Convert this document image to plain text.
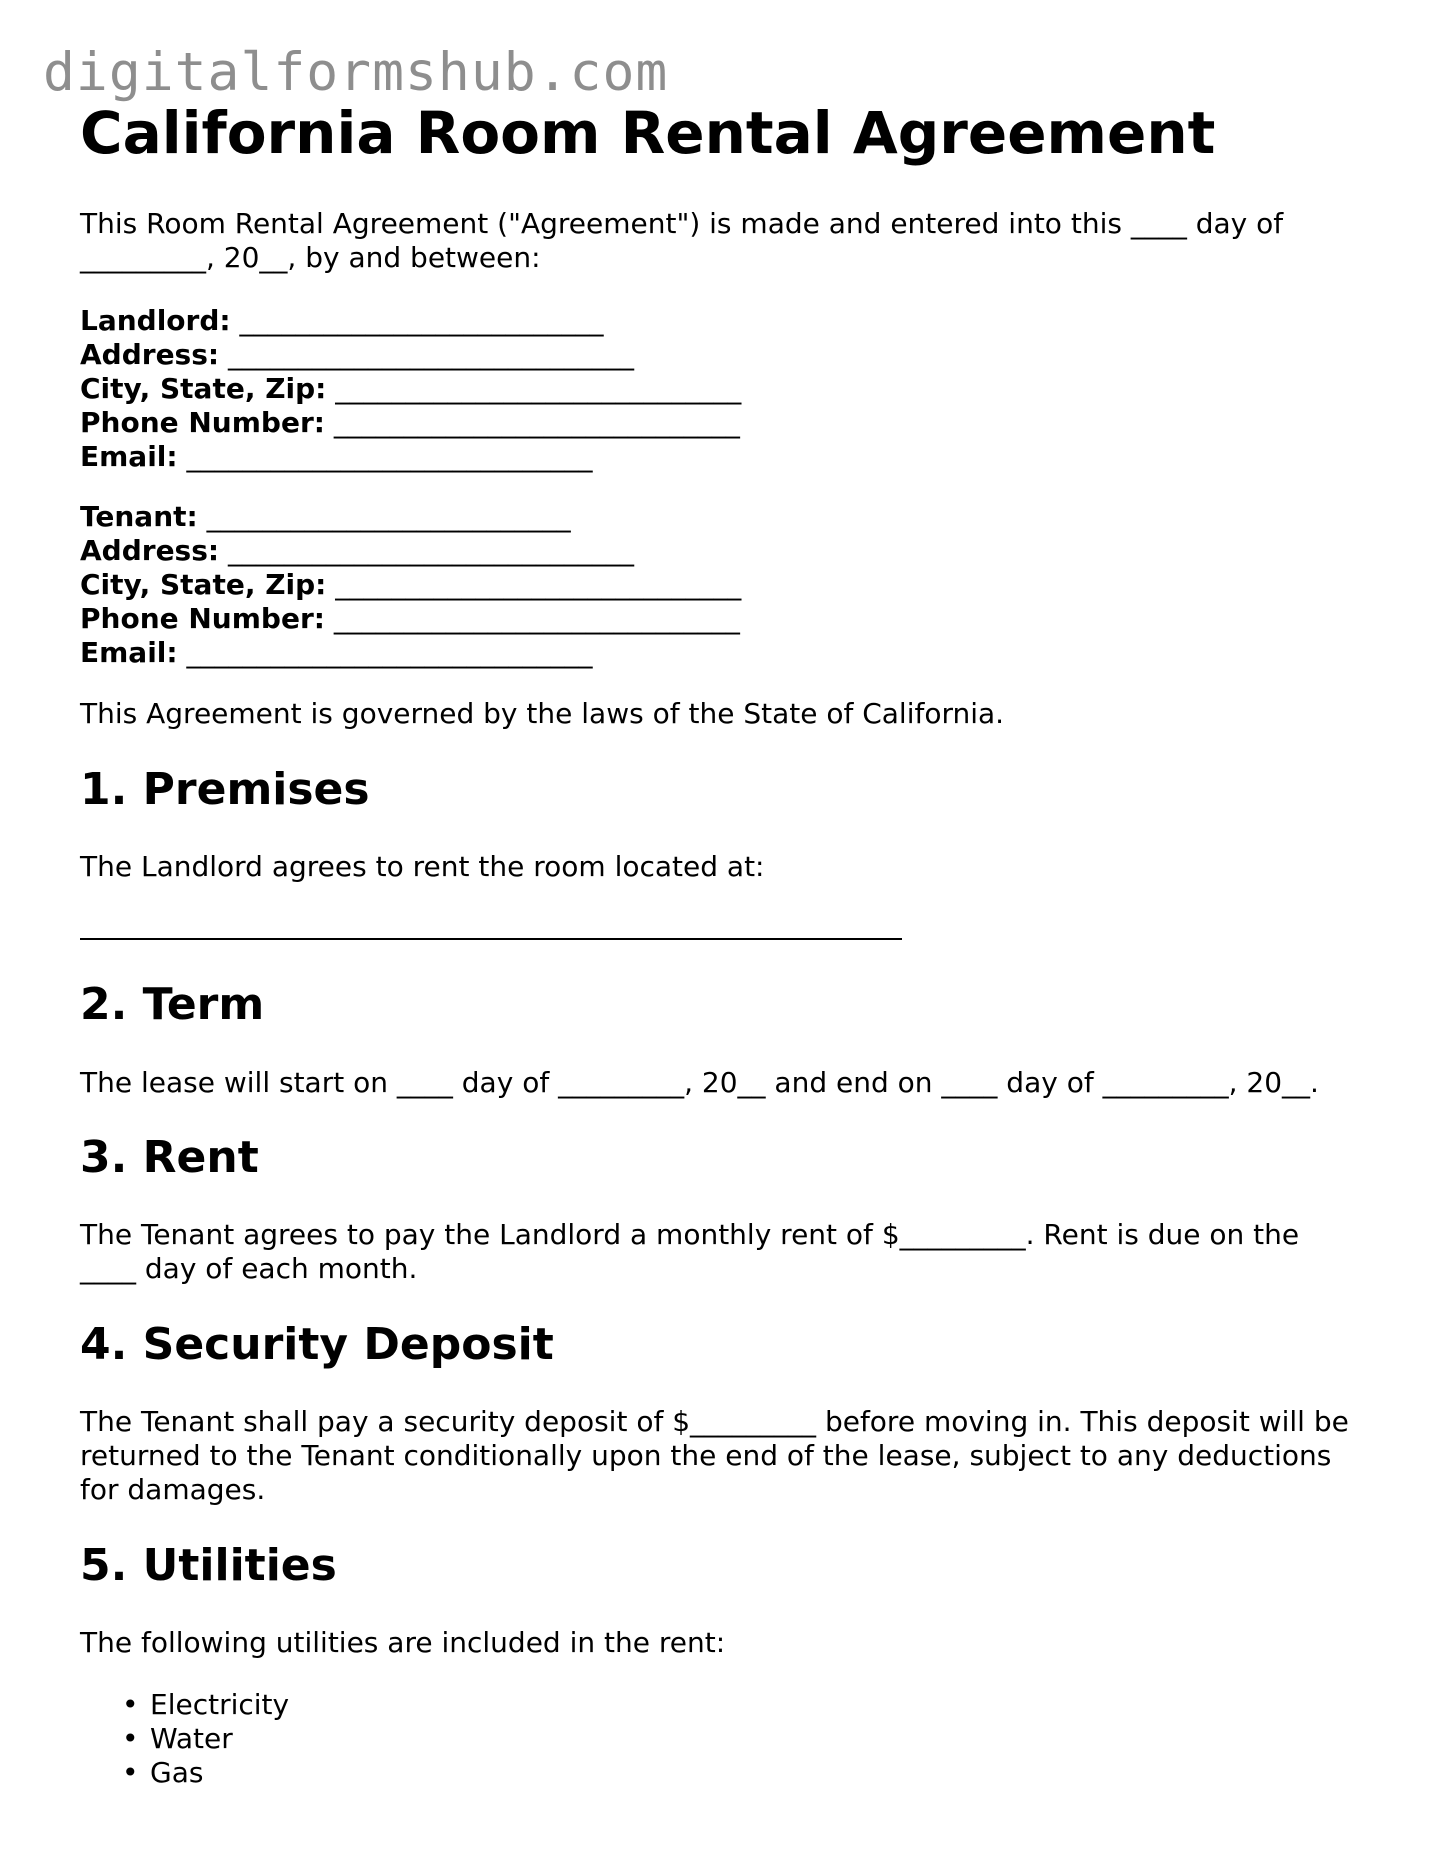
digitalformshub.com
California Room Rental Agreement

This Room Rental Agreement ("Agreement") is made and entered into this ____ day of
_________, 20__, by and between:

Landlord: __________________________
Address: _____________________________
City, State, Zip: _____________________________
Phone Number: _____________________________
Email: _____________________________
Tenant: __________________________
Address: _____________________________
City, State, Zip: _____________________________
Phone Number: _____________________________
Email: _____________________________

This Agreement is governed by the laws of the State of California.

1. Premises

The Landlord agrees to rent the room located at:

2. Term

The lease will start on ____ day of _________, 20__ and end on ____ day of _________, 20__.

3. Rent

The Tenant agrees to pay the Landlord a monthly rent of $_________. Rent is due on the
____ day of each month.

4. Security Deposit

The Tenant shall pay a security deposit of $_________ before moving in. This deposit will be
returned to the Tenant conditionally upon the end of the lease, subject to any deductions
for damages.

5. Utilities

The following utilities are included in the rent:

• Electricity
• Water
• Gas
